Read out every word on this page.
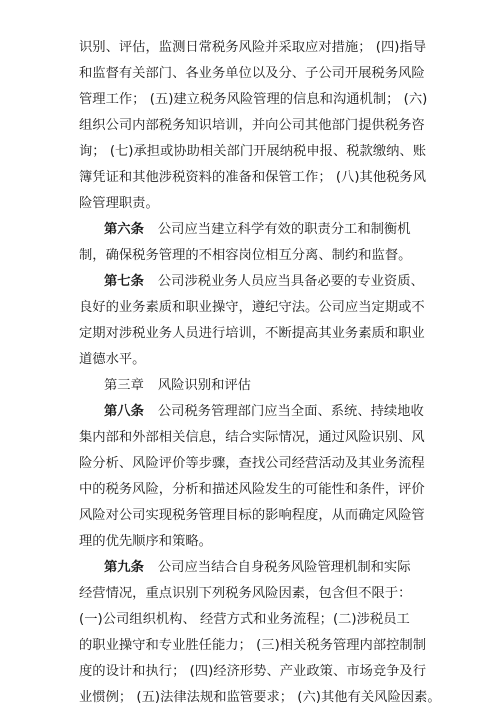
识别、评估，监测日常税务风险并采取应对措施； (四)指导
和监督有关部门、各业务单位以及分、子公司开展税务风险
管理工作； (五)建立税务风险管理的信息和沟通机制； (六)
组织公司内部税务知识培训，并向公司其他部门提供税务咨
询； (七)承担或协助相关部门开展纳税申报、税款缴纳、账
簿凭证和其他涉税资料的准备和保管工作； (八)其他税务风
险管理职责。
第六条 公司应当建立科学有效的职责分工和制衡机
制，确保税务管理的不相容岗位相互分离、制约和监督。
第七条 公司涉税业务人员应当具备必要的专业资质、
良好的业务素质和职业操守，遵纪守法。公司应当定期或不
定期对涉税业务人员进行培训，不断提高其业务素质和职业
道德水平。
第三章 风险识别和评估
第八条 公司税务管理部门应当全面、系统、持续地收
集内部和外部相关信息，结合实际情况，通过风险识别、风
险分析、风险评价等步骤，查找公司经营活动及其业务流程
中的税务风险，分析和描述风险发生的可能性和条件，评价
风险对公司实现税务管理目标的影响程度，从而确定风险管
理的优先顺序和策略。
第九条 公司应当结合自身税务风险管理机制和实际
经营情况，重点识别下列税务风险因素，包含但不限于：
(一)公司组织机构、 经营方式和业务流程；(二)涉税员工
的职业操守和专业胜任能力； (三)相关税务管理内部控制制
度的设计和执行； (四)经济形势、产业政策、市场竞争及行
业惯例； (五)法律法规和监管要求； (六)其他有关风险因素。
